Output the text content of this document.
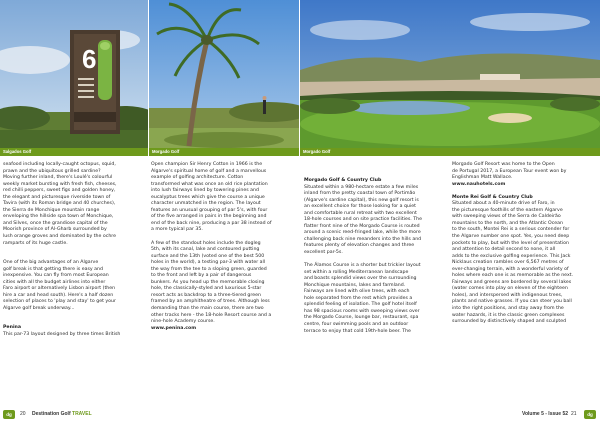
6
Salgados Golf	Morgado Golf	Morgado Golf

seafood including locally-caught octopus, squid,
prawn and the ubiquitous grilled sardine?
Moving further inland, there's Loulé's colourful
weekly market bursting with fresh fish, cheeses,
red chilli peppers, sweet figs and golden honey,
the elegant and picturesque riverside town of
Tavira (with its Roman bridge and 40 churches),
the Sierra de Monchique mountain range
enveloping the hillside spa town of Monchique,
and Silves, once the grandiose capital of the
Moorish province of Al-Gharb surrounded by
lush orange groves and dominated by the ochre
ramparts of its huge castle.

One of the big advantages of an Algarve
golf break is that getting there is easy and
inexpensive. You can fly from most European
cities with all the budget airlines into either
Faro airport or alternatively Lisbon airport (then
hire a car and head south). Here's a half dozen
selection of places to 'play and stay' to get your
Algarve golf break underway...

Penina

This par-73 layout designed by three times British

Open champion Sir Henry Cotton in 1966 is the
Algarve's spiritual home of golf and a marvellous
example of golfing architecture. Cotton
transformed what was once an old rice plantation
into lush fairways lined by towering pines and
eucalyptus trees which give the course a unique
character unmatched in the region. The layout
features an unusual grouping of par 5's, with four
of the five arranged in pairs in the beginning and
end of the back nine, producing a par 38 instead of
a more typical par 35.

A few of the standout holes include the dogleg
5th, with its canal, lake and contoured putting
surface and the 13th (voted one of the best 500
holes in the world), a testing par-3 with water all
the way from the tee to a sloping green, guarded
to the front and left by a pair of dangerous
bunkers. As you head up the memorable closing
hole, the classically-styled and luxurious 5-star
resort acts as backdrop to a three-tiered green
framed by an amphitheatre of trees. Although less
demanding than the main course, there are two
other tracks here - the 18-hole Resort course and a
nine-hole Academy course.

www.penina.com

Morgado Golf & Country Club

Situated within a 980-hectare estate a few miles
inland from the pretty coastal town of Portimão
(Algarve's sardine capital), this new golf resort is
an excellent choice for those looking for a quiet
and comfortable rural retreat with two excellent
18-hole courses and on site practice facilities. The
flatter front nine of the Morgado Course is routed
around a scenic reed-fringed lake, while the more
challenging back nine meanders into the hills and
features plenty of elevation changes and three
excellent par-5s.

The Álamos Course is a shorter but trickier layout
set within a rolling Mediterranean landscape
and boasts splendid views over the surrounding
Monchique mountains, lakes and farmland.
Fairways are lined with olive trees, with each
hole separated from the rest which provides a
splendid feeling of isolation. The golf hotel itself
has 98 spacious rooms with sweeping views over
the Morgado Course, lounge bar, restaurant, spa
centre, four swimming pools and an outdoor
terrace to enjoy that cold 19th-hole beer. The

Morgado Golf Resort was home to the Open
de Portugal 2017, a European Tour event won by
Englishman Matt Wallace.

www.nauhotels.com

Monte Rei Golf & Country Club

Situated about a 40-minute drive of Faro, in
the picturesque foothills of the eastern Algarve
with sweeping views of the Serra de Caldeirão
mountains to the north, and the Atlantic Ocean
to the south, Montei Rei is a serious contender for
the Algarve number one spot. Yes, you need deep
pockets to play, but with the level of presentation
and attention to detail second to none, it all
adds to the exclusive golfing experience. This Jack
Nicklaus creation rambles over 6,567 metres of
ever-changing terrain, with a wonderful variety of
holes where each one is as memorable as the next.
Fairways and greens are bordered by several lakes
(water comes into play on eleven of the eighteen
holes), and interspersed with indigenous trees,
plants and native grasses. If you can steer you ball
into the right positions, and stay away from the
water hazards, it is the classic green complexes
surrounded by distinctively shaped and sculpted

dg	20 Destination Golf TRAVEL	Volume 5 - Issue 52 21	dg
